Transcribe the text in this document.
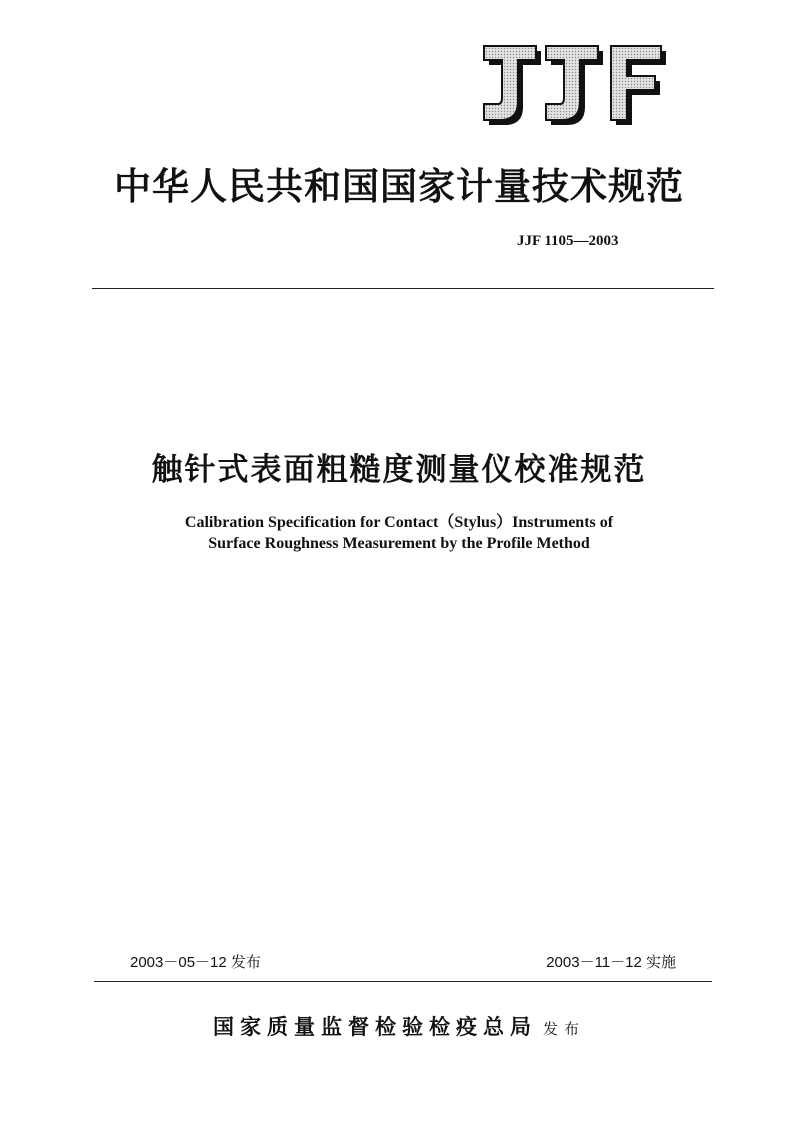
中华人民共和国国家计量技术规范
JJF 1105—2003
触针式表面粗糙度测量仪校准规范
Calibration Specification for Contact（Stylus）Instruments of
Surface Roughness Measurement by the Profile Method
2003－05－12 发布	2003－11－12 实施
国家质量监督检验检疫总局 发布
